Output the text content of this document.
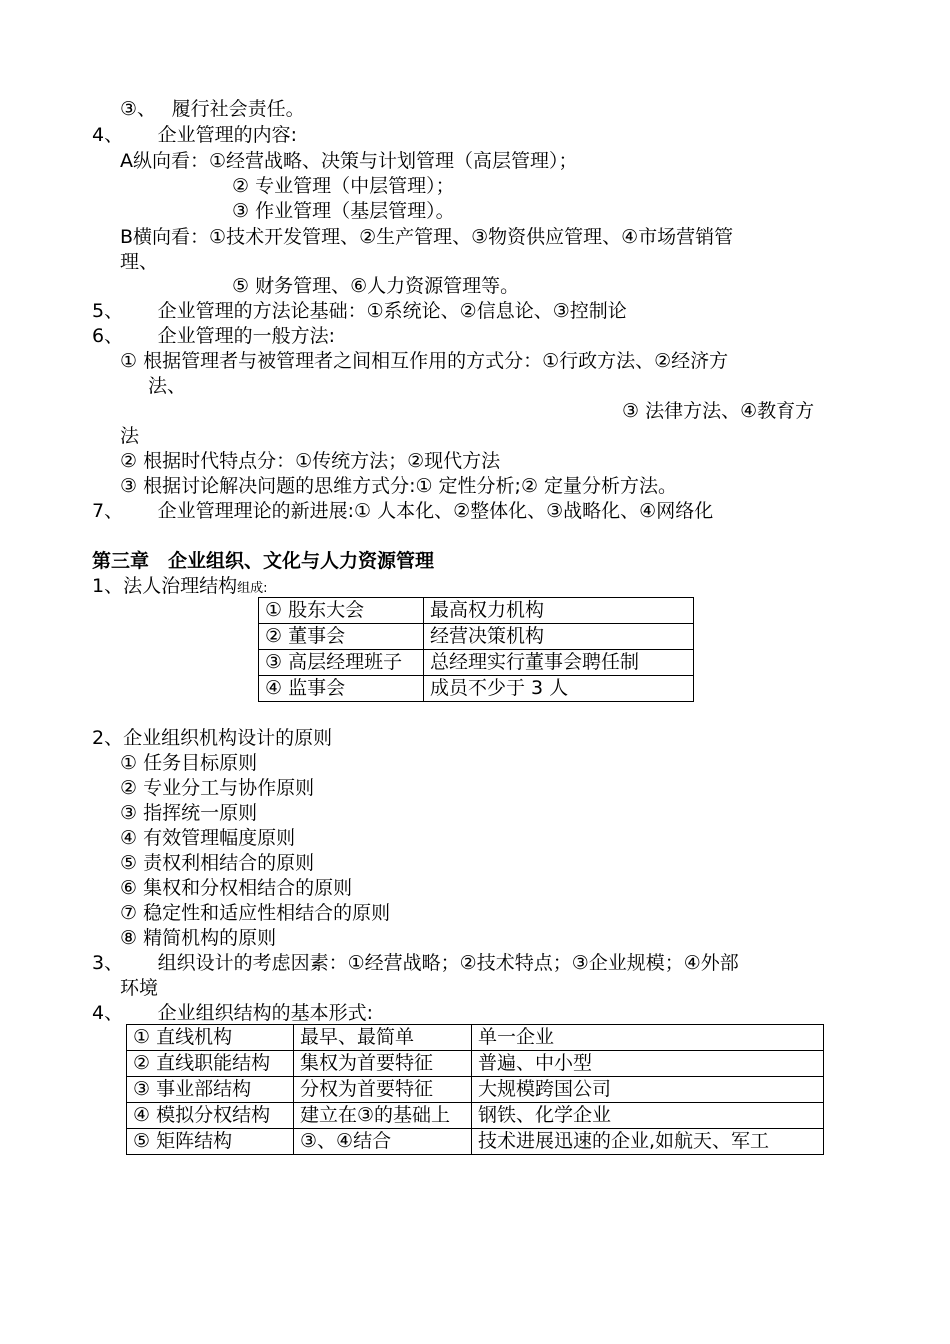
③、　 履行社会责任。
4、　　 企业管理的内容:
A纵向看：①经营战略、决策与计划管理（高层管理）；
② 专业管理（中层管理）；
③ 作业管理（基层管理）。
B横向看：①技术开发管理、②生产管理、③物资供应管理、④市场营销管
理、
⑤ 财务管理、⑥人力资源管理等。
5、　　 企业管理的方法论基础：①系统论、②信息论、③控制论
6、　　 企业管理的一般方法:
① 根据管理者与被管理者之间相互作用的方式分：①行政方法、②经济方
法、
③ 法律方法、④教育方
法
② 根据时代特点分：①传统方法；②现代方法
③ 根据讨论解决问题的思维方式分:① 定性分析;② 定量分析方法。
7、　　 企业管理理论的新进展:① 人本化、②整体化、③战略化、④网络化
第三章　企业组织、文化与人力资源管理
1、法人治理结构组成:
① 股东大会	最高权力机构
② 董事会	经营决策机构
③ 高层经理班子	总经理实行董事会聘任制
④ 监事会	成员不少于 3 人
2、企业组织机构设计的原则
① 任务目标原则
② 专业分工与协作原则
③ 指挥统一原则
④ 有效管理幅度原则
⑤ 责权利相结合的原则
⑥ 集权和分权相结合的原则
⑦ 稳定性和适应性相结合的原则
⑧ 精简机构的原则
3、　　 组织设计的考虑因素：①经营战略；②技术特点；③企业规模；④外部
环境
4、　　 企业组织结构的基本形式:
① 直线机构	最早、最简单	单一企业
② 直线职能结构	集权为首要特征	普遍、中小型
③ 事业部结构	分权为首要特征	大规模跨国公司
④ 模拟分权结构	建立在③的基础上	钢铁、化学企业
⑤ 矩阵结构	③、④结合	技术进展迅速的企业,如航天、军工
